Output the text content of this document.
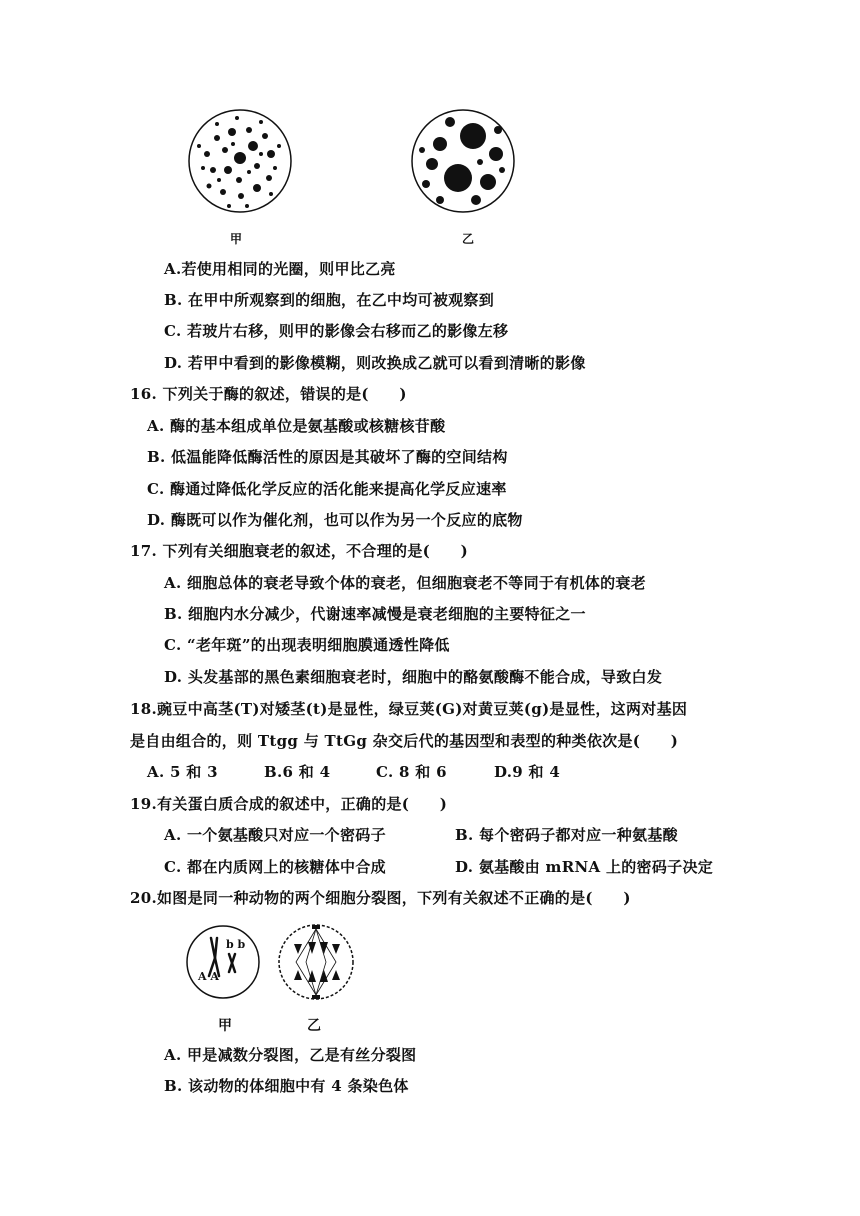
甲	乙
A.若使用相同的光圈，则甲比乙亮
B. 在甲中所观察到的细胞，在乙中均可被观察到
C. 若玻片右移，则甲的影像会右移而乙的影像左移
D. 若甲中看到的影像模糊，则改换成乙就可以看到清晰的影像
16. 下列关于酶的叙述，错误的是(　　)
A. 酶的基本组成单位是氨基酸或核糖核苷酸
B. 低温能降低酶活性的原因是其破坏了酶的空间结构
C. 酶通过降低化学反应的活化能来提高化学反应速率
D. 酶既可以作为催化剂，也可以作为另一个反应的底物
17. 下列有关细胞衰老的叙述，不合理的是(　　)
A. 细胞总体的衰老导致个体的衰老，但细胞衰老不等同于有机体的衰老
B. 细胞内水分减少，代谢速率减慢是衰老细胞的主要特征之一
C. “老年斑”的出现表明细胞膜通透性降低
D. 头发基部的黑色素细胞衰老时，细胞中的酪氨酸酶不能合成，导致白发
18.豌豆中高茎(T)对矮茎(t)是显性，绿豆荚(G)对黄豆荚(g)是显性，这两对基因
是自由组合的，则 Ttgg 与 TtGg 杂交后代的基因型和表型的种类依次是(　　)
A. 5 和 3	B.6 和 4	C. 8 和 6	D.9 和 4
19.有关蛋白质合成的叙述中，正确的是(　　)
A. 一个氨基酸只对应一个密码子	B. 每个密码子都对应一种氨基酸
C. 都在内质网上的核糖体中合成	D. 氨基酸由 mRNA 上的密码子决定
20.如图是同一种动物的两个细胞分裂图，下列有关叙述不正确的是(　　)
b b
A A
甲	乙
A. 甲是减数分裂图，乙是有丝分裂图
B. 该动物的体细胞中有 4 条染色体
